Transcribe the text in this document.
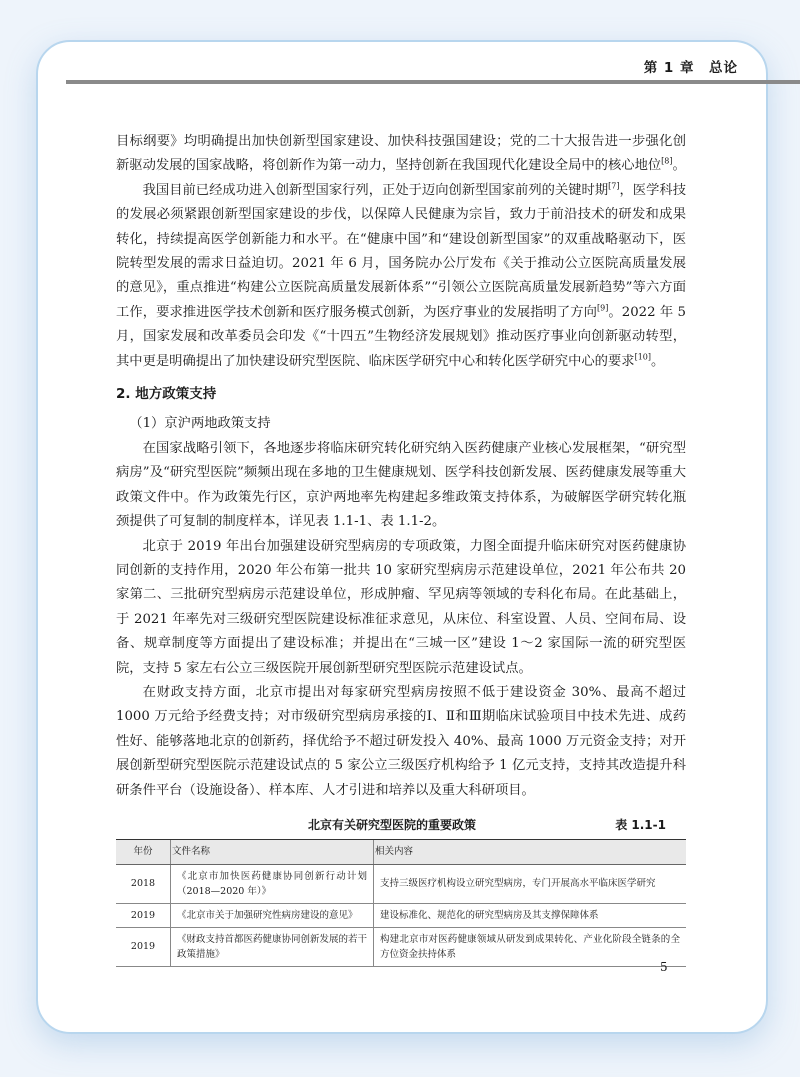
第 1 章　总论

目标纲要》均明确提出加快创新型国家建设、加快科技强国建设；党的二十大报告进一步强化创新驱动发展的国家战略，将创新作为第一动力，坚持创新在我国现代化建设全局中的核心地位[8]。

我国目前已经成功进入创新型国家行列，正处于迈向创新型国家前列的关键时期[7]，医学科技的发展必须紧跟创新型国家建设的步伐，以保障人民健康为宗旨，致力于前沿技术的研发和成果转化，持续提高医学创新能力和水平。在“健康中国”和“建设创新型国家”的双重战略驱动下，医院转型发展的需求日益迫切。2021 年 6 月，国务院办公厅发布《关于推动公立医院高质量发展的意见》，重点推进“构建公立医院高质量发展新体系”“引领公立医院高质量发展新趋势”等六方面工作，要求推进医学技术创新和医疗服务模式创新，为医疗事业的发展指明了方向[9]。2022 年 5 月，国家发展和改革委员会印发《“十四五”生物经济发展规划》推动医疗事业向创新驱动转型，其中更是明确提出了加快建设研究型医院、临床医学研究中心和转化医学研究中心的要求[10]。

2. 地方政策支持

（1）京沪两地政策支持

在国家战略引领下，各地逐步将临床研究转化研究纳入医药健康产业核心发展框架，“研究型病房”及“研究型医院”频频出现在多地的卫生健康规划、医学科技创新发展、医药健康发展等重大政策文件中。作为政策先行区，京沪两地率先构建起多维政策支持体系，为破解医学研究转化瓶颈提供了可复制的制度样本，详见表 1.1-1、表 1.1-2。

北京于 2019 年出台加强建设研究型病房的专项政策，力图全面提升临床研究对医药健康协同创新的支持作用，2020 年公布第一批共 10 家研究型病房示范建设单位，2021 年公布共 20 家第二、三批研究型病房示范建设单位，形成肿瘤、罕见病等领域的专科化布局。在此基础上，于 2021 年率先对三级研究型医院建设标准征求意见，从床位、科室设置、人员、空间布局、设备、规章制度等方面提出了建设标准；并提出在“三城一区”建设 1～2 家国际一流的研究型医院，支持 5 家左右公立三级医院开展创新型研究型医院示范建设试点。

在财政支持方面，北京市提出对每家研究型病房按照不低于建设资金 30%、最高不超过 1000 万元给予经费支持；对市级研究型病房承接的Ⅰ、Ⅱ和Ⅲ期临床试验项目中技术先进、成药性好、能够落地北京的创新药，择优给予不超过研发投入 40%、最高 1000 万元资金支持；对开展创新型研究型医院示范建设试点的 5 家公立三级医疗机构给予 1 亿元支持，支持其改造提升科研条件平台（设施设备）、样本库、人才引进和培养以及重大科研项目。

北京有关研究型医院的重要政策	表 1.1-1
年份	文件名称	相关内容
2018	《北京市加快医药健康协同创新行动计划（2018—2020 年）》	支持三级医疗机构设立研究型病房，专门开展高水平临床医学研究
2019	《北京市关于加强研究性病房建设的意见》	建设标准化、规范化的研究型病房及其支撑保障体系
2019	《财政支持首都医药健康协同创新发展的若干政策措施》	构建北京市对医药健康领域从研发到成果转化、产业化阶段全链条的全方位资金扶持体系
5
